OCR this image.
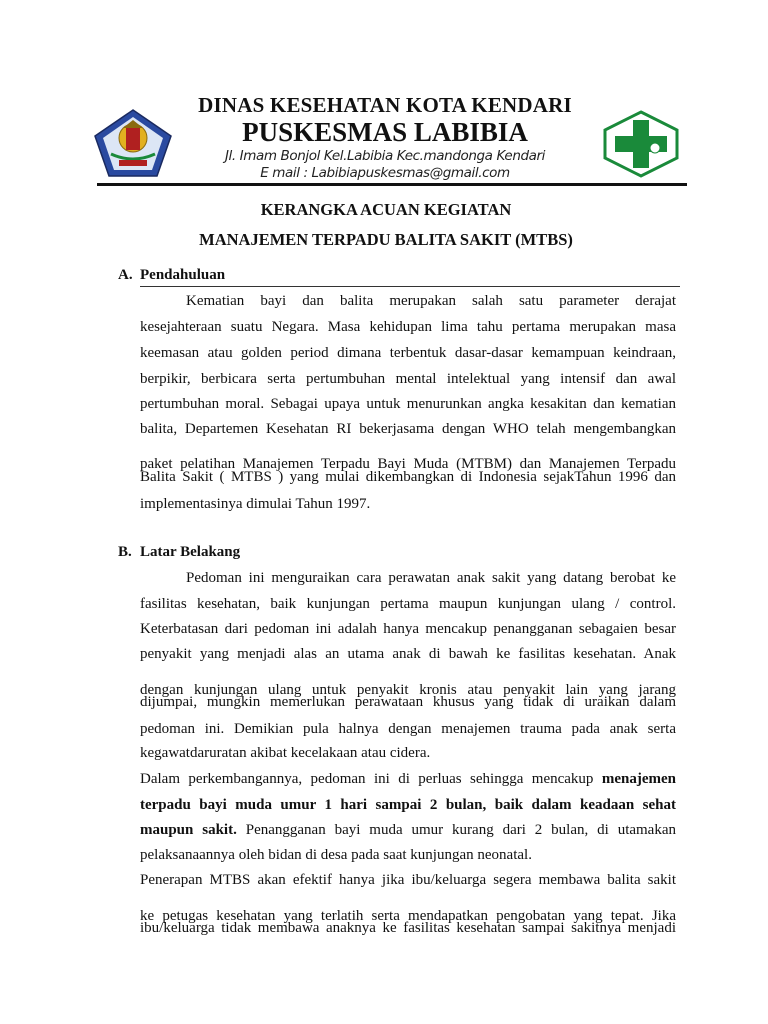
DINAS KESEHATAN KOTA KENDARI
PUSKESMAS LABIBIA
Jl. Imam Bonjol Kel.Labibia Kec.mandonga Kendari
E mail : Labibiapuskesmas@gmail.com
KERANGKA ACUAN KEGIATAN
MANAJEMEN TERPADU BALITA SAKIT (MTBS)
A. Pendahuluan
Kematian bayi dan balita merupakan salah satu parameter derajat
kesejahteraan suatu Negara. Masa kehidupan lima tahu pertama merupakan masa
keemasan atau golden period dimana terbentuk dasar-dasar kemampuan keindraan,
berpikir, berbicara serta pertumbuhan mental intelektual yang intensif dan awal
pertumbuhan moral. Sebagai upaya untuk menurunkan angka kesakitan dan kematian
balita, Departemen Kesehatan RI bekerjasama dengan WHO telah mengembangkan
paket pelatihan Manajemen Terpadu Bayi Muda (MTBM) dan Manajemen Terpadu
Balita Sakit ( MTBS ) yang mulai dikembangkan di Indonesia sejakTahun 1996 dan
implementasinya dimulai Tahun 1997.
B. Latar Belakang
Pedoman ini menguraikan cara perawatan anak sakit yang datang berobat ke
fasilitas kesehatan, baik kunjungan pertama maupun kunjungan ulang / control.
Keterbatasan dari pedoman ini adalah hanya mencakup penangganan sebagaien besar
penyakit yang menjadi alas an utama anak di bawah ke fasilitas kesehatan. Anak
dengan kunjungan ulang untuk penyakit kronis atau penyakit lain yang jarang
dijumpai, mungkin memerlukan perawataan khusus yang tidak di uraikan dalam
pedoman ini. Demikian pula halnya dengan menajemen trauma pada anak serta
kegawatdaruratan akibat kecelakaan atau cidera.
Dalam perkembangannya, pedoman ini di perluas sehingga mencakup menajemen
terpadu bayi muda umur 1 hari sampai 2 bulan, baik dalam keadaan sehat
maupun sakit. Penangganan bayi muda umur kurang dari 2 bulan, di utamakan
pelaksanaannya oleh bidan di desa pada saat kunjungan neonatal.
Penerapan MTBS akan efektif hanya jika ibu/keluarga segera membawa balita sakit
ke petugas kesehatan yang terlatih serta mendapatkan pengobatan yang tepat. Jika
ibu/keluarga tidak membawa anaknya ke fasilitas kesehatan sampai sakitnya menjadi
